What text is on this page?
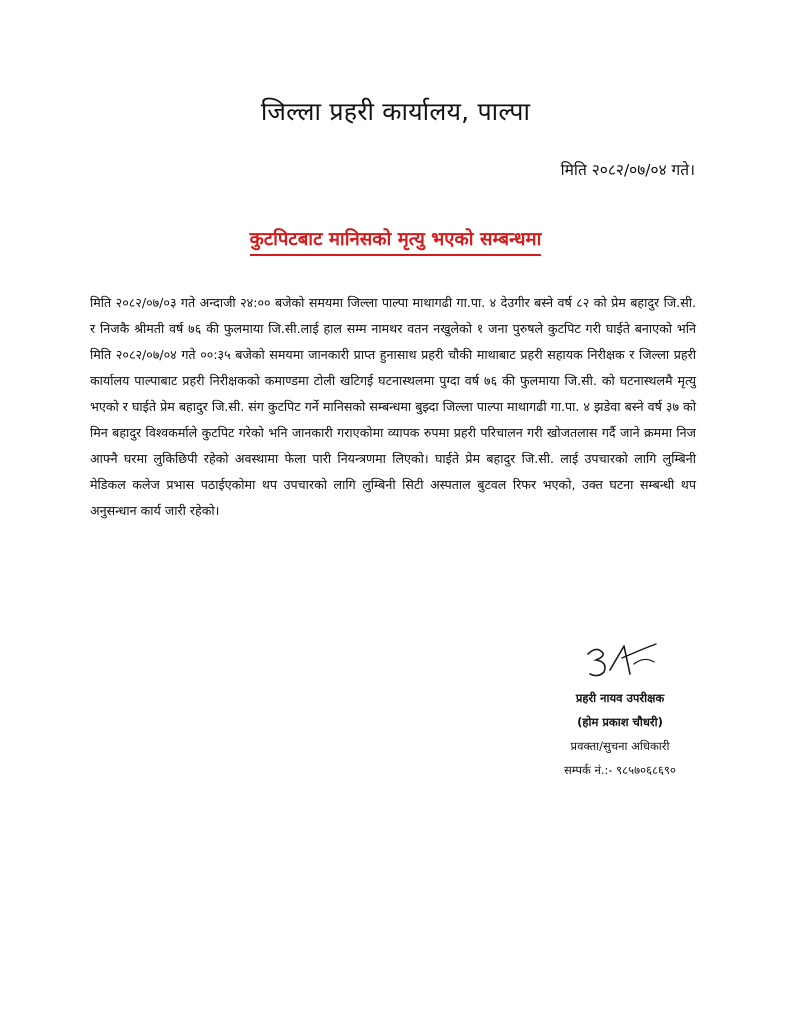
जिल्ला प्रहरी कार्यालय, पाल्पा
मिति २०८२/०७/०४ गते।
कुटपिटबाट मानिसको मृत्यु भएको सम्बन्धमा
मिति २०८२/०७/०३ गते अन्दाजी २४:०० बजेको समयमा जिल्ला पाल्पा माथागढी गा.पा. ४ देउगीर बस्ने वर्ष ८२ को प्रेम बहादुर जि.सी. र निजकै श्रीमती वर्ष ७६ की फुलमाया जि.सी.लाई हाल सम्म नामथर वतन नखुलेको १ जना पुरुषले कुटपिट गरी घाईते बनाएको भनि मिति २०८२/०७/०४ गते ००:३५ बजेको समयमा जानकारी प्राप्त हुनासाथ प्रहरी चौकी माथाबाट प्रहरी सहायक निरीक्षक र जिल्ला प्रहरी कार्यालय पाल्पाबाट प्रहरी निरीक्षकको कमाण्डमा टोली खटिगई घटनास्थलमा पुग्दा वर्ष ७६ की फुलमाया जि.सी. को घटनास्थलमै मृत्यु भएको र घाईते प्रेम बहादुर जि.सी. संग कुटपिट गर्ने मानिसको सम्बन्धमा बुझ्दा जिल्ला पाल्पा माथागढी गा.पा. ४ झडेवा बस्ने वर्ष ३७ को मिन बहादुर विश्वकर्माले कुटपिट गरेको भनि जानकारी गराएकोमा व्यापक रुपमा प्रहरी परिचालन गरी खोजतलास गर्दै जाने क्रममा निज आफ्नै घरमा लुकिछिपी रहेको अवस्थामा फेला पारी नियन्त्रणमा लिएको। घाईते प्रेम बहादुर जि.सी. लाई उपचारको लागि लुम्बिनी मेडिकल कलेज प्रभास पठाईएकोमा थप उपचारको लागि लुम्बिनी सिटी अस्पताल बुटवल रिफर भएको, उक्त घटना सम्बन्धी थप अनुसन्धान कार्य जारी रहेको।
प्रहरी नायव उपरीक्षक
(होम प्रकाश चौधरी)
प्रवक्ता/सुचना अधिकारी
सम्पर्क नं.:- ९८५७०६८६९०
